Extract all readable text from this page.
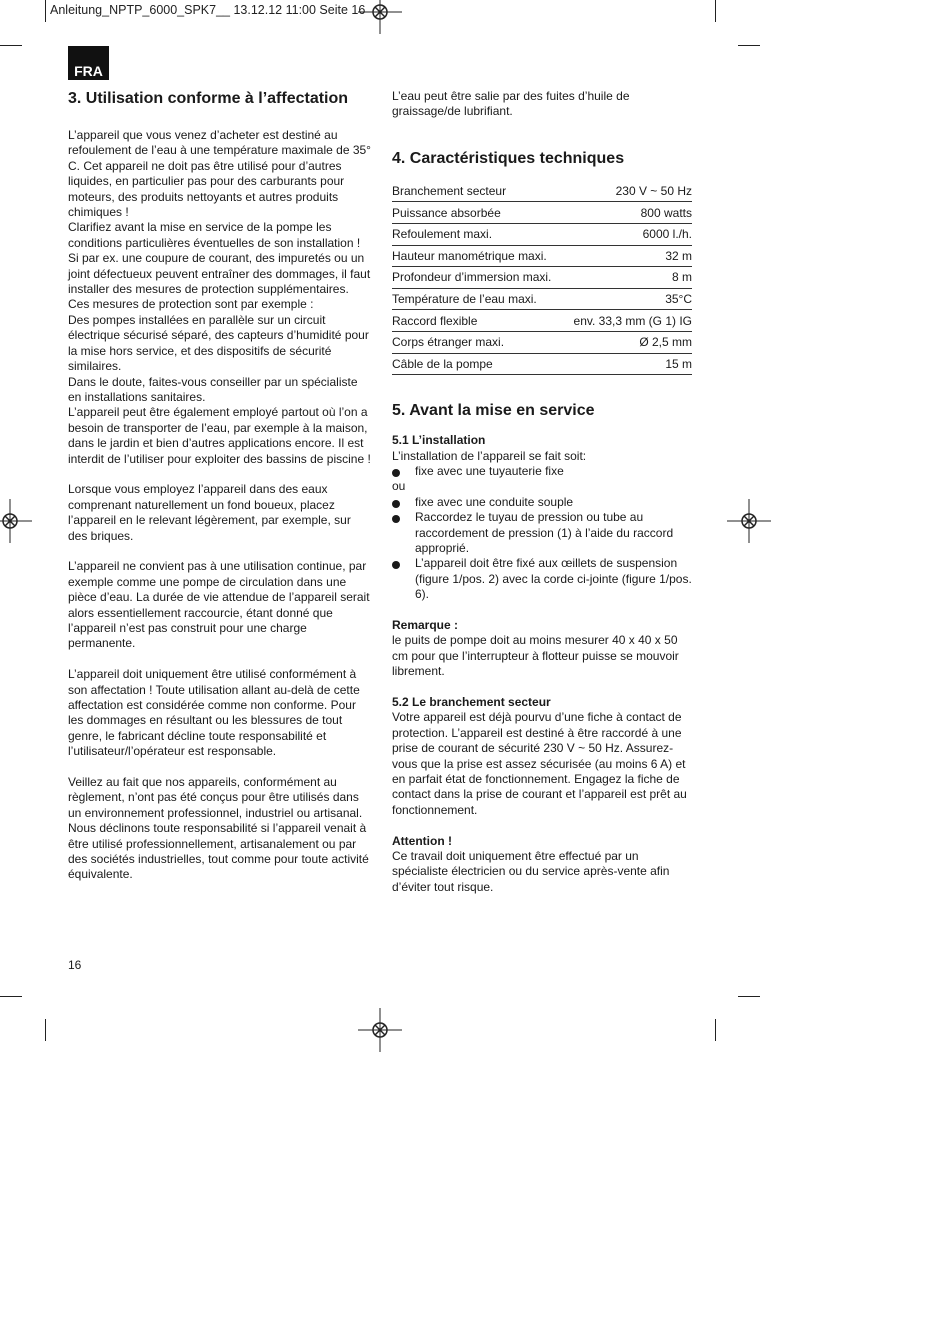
Anleitung_NPTP_6000_SPK7__ 13.12.12 11:00 Seite 16
FRA
3. Utilisation conforme à l’affectation

L’appareil que vous venez d’acheter est destiné au refoulement de l’eau à une température maximale de 35° C. Cet appareil ne doit pas être utilisé pour d’autres liquides, en particulier pas pour des carburants pour moteurs, des produits nettoyants et autres produits chimiques !

Clarifiez avant la mise en service de la pompe les conditions particulières éventuelles de son installation !

Si par ex. une coupure de courant, des impuretés ou un joint défectueux peuvent entraîner des dommages, il faut installer des mesures de protection supplémentaires.

Ces mesures de protection sont par exemple :

Des pompes installées en parallèle sur un circuit électrique sécurisé séparé, des capteurs d’humidité pour la mise hors service, et des dispositifs de sécurité similaires.

Dans le doute, faites-vous conseiller par un spécialiste en installations sanitaires.

L’appareil peut être également employé partout où l’on a besoin de transporter de l’eau, par exemple à la maison, dans le jardin et bien d’autres applications encore. Il est interdit de l’utiliser pour exploiter des bassins de piscine !

Lorsque vous employez l’appareil dans des eaux comprenant naturellement un fond boueux, placez l’appareil en le relevant légèrement, par exemple, sur des briques.

L’appareil ne convient pas à une utilisation continue, par exemple comme une pompe de circulation dans une pièce d’eau. La durée de vie attendue de l’appareil serait alors essentiellement raccourcie, étant donné que l’appareil n’est pas construit pour une charge permanente.

L’appareil doit uniquement être utilisé conformément à son affectation ! Toute utilisation allant au-delà de cette affectation est considérée comme non conforme. Pour les dommages en résultant ou les blessures de tout genre, le fabricant décline toute responsabilité et l’utilisateur/l’opérateur est responsable.

Veillez au fait que nos appareils, conformément au règlement, n’ont pas été conçus pour être utilisés dans un environnement professionnel, industriel ou artisanal. Nous déclinons toute responsabilité si l’appareil venait à être utilisé professionnellement, artisanalement ou par des sociétés industrielles, tout comme pour toute activité équivalente.

L’eau peut être salie par des fuites d’huile de graissage/de lubrifiant.

4. Caractéristiques techniques
Branchement secteur	230 V ~ 50 Hz
Puissance absorbée	800 watts
Refoulement maxi.	6000 l./h.
Hauteur manométrique maxi.	32 m
Profondeur d’immersion maxi.	8 m
Température de l’eau maxi.	35°C
Raccord flexible	env. 33,3 mm (G 1) IG
Corps étranger maxi.	Ø 2,5 mm
Câble de la pompe	15 m
5. Avant la mise en service
5.1 L’installation

L’installation de l’appareil se fait soit:

fixe avec une tuyauterie fixe

ou

fixe avec une conduite souple
Raccordez le tuyau de pression ou tube au raccordement de pression (1) à l’aide du raccord approprié.
L’appareil doit être fixé aux œillets de suspension (figure 1/pos. 2) avec la corde ci-jointe (figure 1/pos. 6).
Remarque :

le puits de pompe doit au moins mesurer 40 x 40 x 50 cm pour que l’interrupteur à flotteur puisse se mouvoir librement.

5.2 Le branchement secteur

Votre appareil est déjà pourvu d’une fiche à contact de protection. L’appareil est destiné à être raccordé à une prise de courant de sécurité 230 V ~ 50 Hz. Assurez-vous que la prise est assez sécurisée (au moins 6 A) et en parfait état de fonctionnement. Engagez la fiche de contact dans la prise de courant et l’appareil est prêt au fonctionnement.

Attention !

Ce travail doit uniquement être effectué par un spécialiste électricien ou du service après-vente afin d’éviter tout risque.

16
